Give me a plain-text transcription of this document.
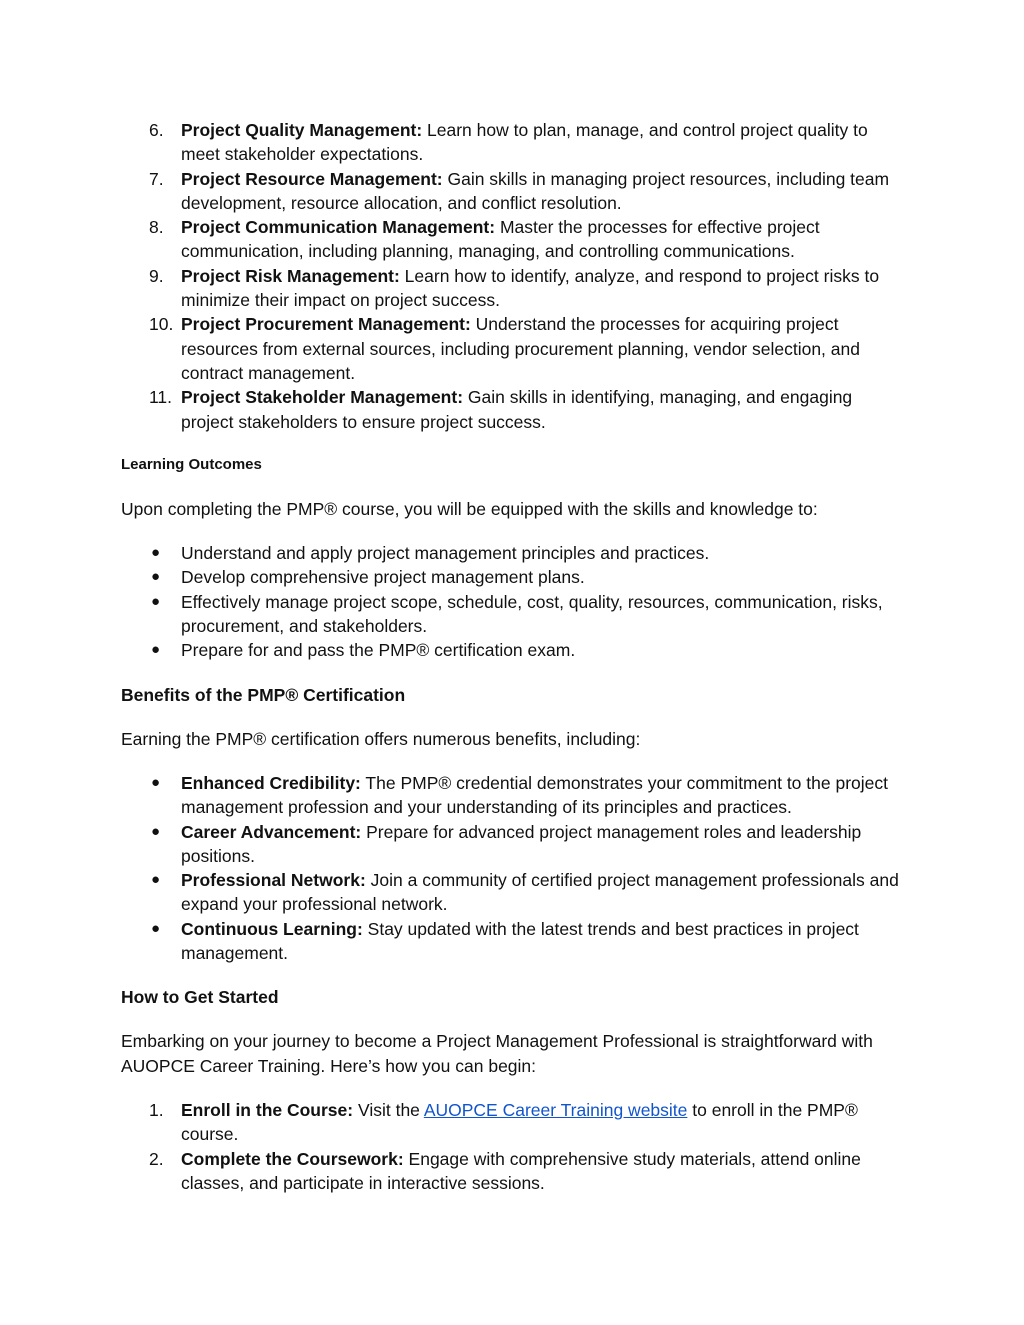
6. Project Quality Management: Learn how to plan, manage, and control project quality to meet stakeholder expectations.
7. Project Resource Management: Gain skills in managing project resources, including team development, resource allocation, and conflict resolution.
8. Project Communication Management: Master the processes for effective project communication, including planning, managing, and controlling communications.
9. Project Risk Management: Learn how to identify, analyze, and respond to project risks to minimize their impact on project success.
10. Project Procurement Management: Understand the processes for acquiring project resources from external sources, including procurement planning, vendor selection, and contract management.
11. Project Stakeholder Management: Gain skills in identifying, managing, and engaging project stakeholders to ensure project success.
Learning Outcomes

Upon completing the PMP® course, you will be equipped with the skills and knowledge to:

●	Understand and apply project management principles and practices.
●	Develop comprehensive project management plans.
●	Effectively manage project scope, schedule, cost, quality, resources, communication, risks, procurement, and stakeholders.
●	Prepare for and pass the PMP® certification exam.
Benefits of the PMP® Certification

Earning the PMP® certification offers numerous benefits, including:

●	Enhanced Credibility: The PMP® credential demonstrates your commitment to the project management profession and your understanding of its principles and practices.
●	Career Advancement: Prepare for advanced project management roles and leadership positions.
●	Professional Network: Join a community of certified project management professionals and expand your professional network.
●	Continuous Learning: Stay updated with the latest trends and best practices in project management.
How to Get Started

Embarking on your journey to become a Project Management Professional is straightforward with AUOPCE Career Training. Here’s how you can begin:

1. Enroll in the Course: Visit the AUOPCE Career Training website to enroll in the PMP® course.
2. Complete the Coursework: Engage with comprehensive study materials, attend online classes, and participate in interactive sessions.
